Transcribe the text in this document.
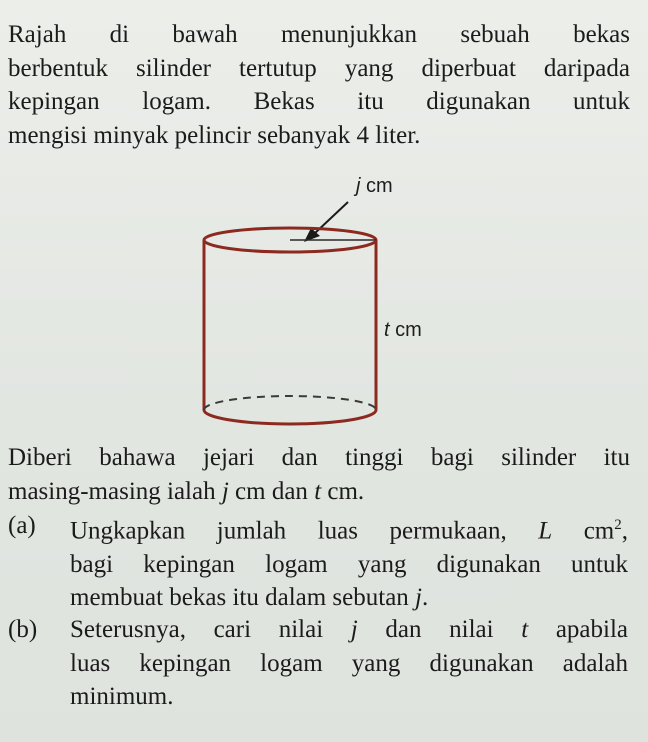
Rajah di bawah menunjukkan sebuah bekas
berbentuk silinder tertutup yang diperbuat daripada
kepingan logam. Bekas itu digunakan untuk
mengisi minyak pelincir sebanyak 4 liter.
j cm
t cm
Diberi bahawa jejari dan tinggi bagi silinder itu
masing-masing ialah j cm dan t cm.
(a) Ungkapkan jumlah luas permukaan, L $cm^2$,
bagi kepingan logam yang digunakan untuk
membuat bekas itu dalam sebutan j.
(b) Seterusnya, cari nilai j dan nilai t apabila
luas kepingan logam yang digunakan adalah
minimum.
